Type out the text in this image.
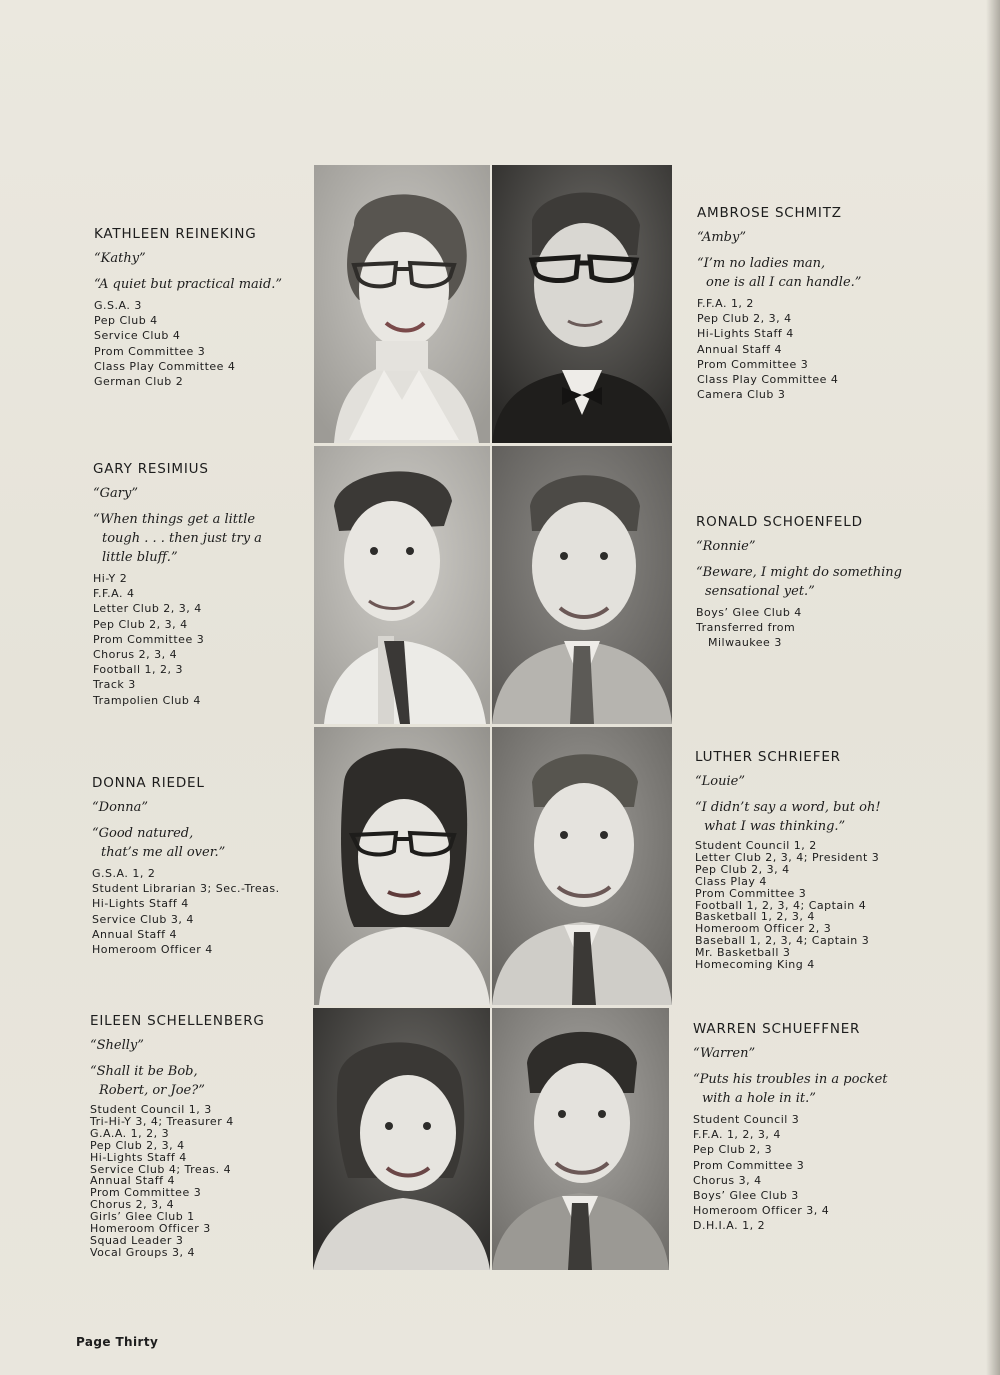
KATHLEEN REINEKING
“Kathy”
“A quiet but practical maid.”
G.S.A. 3
Pep Club 4
Service Club 4
Prom Committee 3
Class Play Committee 4
German Club 2
GARY RESIMIUS
“Gary”
“When things get a little
tough . . . then just try a
little bluff.”
Hi-Y 2
F.F.A. 4
Letter Club 2, 3, 4
Pep Club 2, 3, 4
Prom Committee 3
Chorus 2, 3, 4
Football 1, 2, 3
Track 3
Trampolien Club 4
DONNA RIEDEL
“Donna”
“Good natured,
that’s me all over.”
G.S.A. 1, 2
Student Librarian 3; Sec.-Treas.
Hi-Lights Staff 4
Service Club 3, 4
Annual Staff 4
Homeroom Officer 4
EILEEN SCHELLENBERG
“Shelly”
“Shall it be Bob,
Robert, or Joe?”
Student Council 1, 3
Tri-Hi-Y 3, 4; Treasurer 4
G.A.A. 1, 2, 3
Pep Club 2, 3, 4
Hi-Lights Staff 4
Service Club 4; Treas. 4
Annual Staff 4
Prom Committee 3
Chorus 2, 3, 4
Girls’ Glee Club 1
Homeroom Officer 3
Squad Leader 3
Vocal Groups 3, 4
AMBROSE SCHMITZ
“Amby”
“I’m no ladies man,
one is all I can handle.”
F.F.A. 1, 2
Pep Club 2, 3, 4
Hi-Lights Staff 4
Annual Staff 4
Prom Committee 3
Class Play Committee 4
Camera Club 3
RONALD SCHOENFELD
“Ronnie”
“Beware, I might do something
sensational yet.”
Boys’ Glee Club 4
Transferred from
Milwaukee 3
LUTHER SCHRIEFER
“Louie”
“I didn’t say a word, but oh!
what I was thinking.”
Student Council 1, 2
Letter Club 2, 3, 4; President 3
Pep Club 2, 3, 4
Class Play 4
Prom Committee 3
Football 1, 2, 3, 4; Captain 4
Basketball 1, 2, 3, 4
Homeroom Officer 2, 3
Baseball 1, 2, 3, 4; Captain 3
Mr. Basketball 3
Homecoming King 4
WARREN SCHUEFFNER
“Warren”
“Puts his troubles in a pocket
with a hole in it.”
Student Council 3
F.F.A. 1, 2, 3, 4
Pep Club 2, 3
Prom Committee 3
Chorus 3, 4
Boys’ Glee Club 3
Homeroom Officer 3, 4
D.H.I.A. 1, 2
Page Thirty
